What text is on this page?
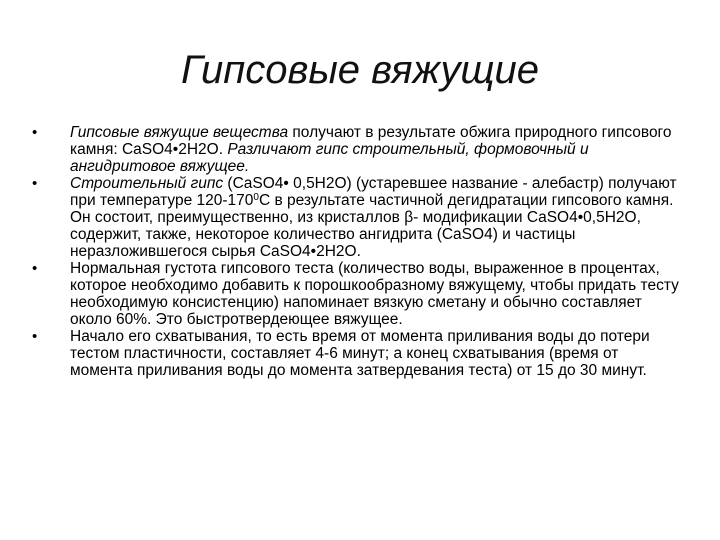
Гипсовые вяжущие
•	Гипсовые вяжущие вещества получают в результате обжига природного гипсового камня: CaSO4•2H2O. Различают гипс строительный, формовочный и ангидритовое вяжущее.
•	Строительный гипс (CaSO4• 0,5H2O) (устаревшее название - алебастр) получают при температуре $120-170^0С$ в результате частичной дегидратации гипсового камня. Он состоит, преимущественно, из кристаллов β- модификации CaSO4•0,5H2O, содержит, также, некоторое количество ангидрита (CaSO4) и частицы неразложившегося сырья CaSO4•2H2O.
•	Нормальная густота гипсового теста (количество воды, выраженное в процентах, которое необходимо добавить к порошкообразному вяжущему, чтобы придать тесту необходимую консистенцию) напоминает вязкую сметану и обычно составляет около 60%. Это быстротвердеющее вяжущее.
•	Начало его схватывания, то есть время от момента приливания воды до потери тестом пластичности, составляет 4-6 минут; а конец схватывания (время от момента приливания воды до момента затвердевания теста) от 15 до 30 минут.
